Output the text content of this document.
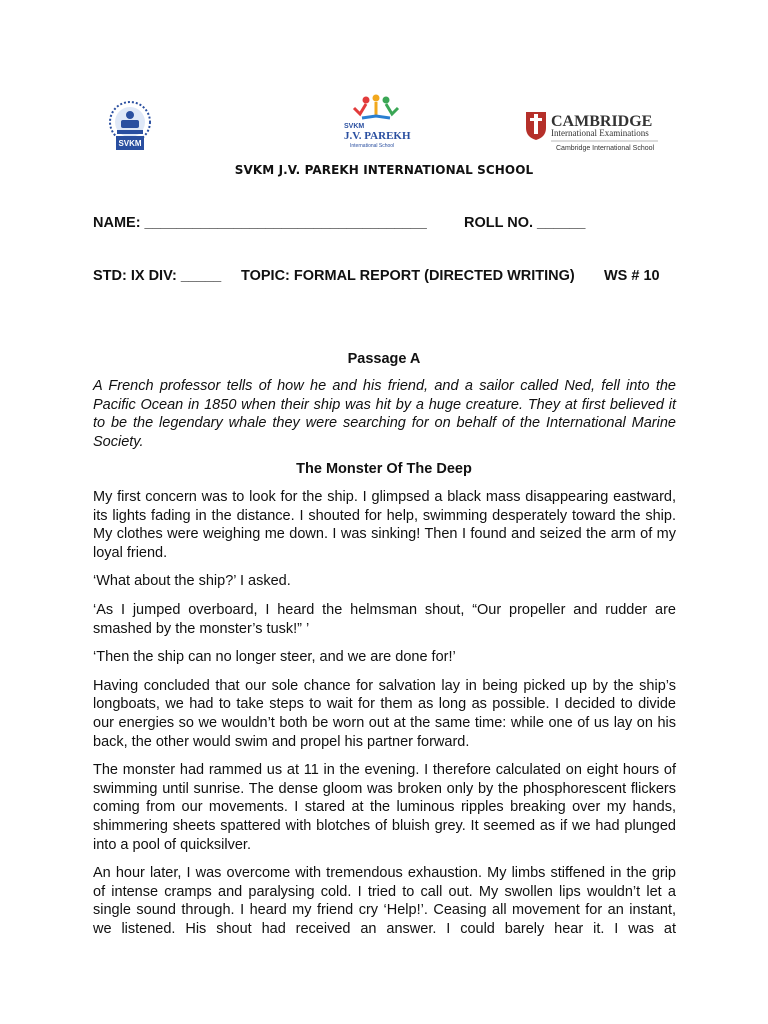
SVKM
SVKM
J.V. PAREKH
International School
CAMBRIDGE
International Examinations
Cambridge International School
SVKM J.V. PAREKH INTERNATIONAL SCHOOL
NAME: ___________________________________	ROLL NO. ______
STD: IX DIV: _____ TOPIC: FORMAL REPORT (DIRECTED WRITING) WS # 10
Passage A
A French professor tells of how he and his friend, and a sailor called Ned, fell into the Pacific Ocean in 1850 when their ship was hit by a huge creature. They at first believed it to be the legendary whale they were searching for on behalf of the International Marine Society.
The Monster Of The Deep

My first concern was to look for the ship. I glimpsed a black mass disappearing eastward, its lights fading in the distance. I shouted for help, swimming desperately toward the ship. My clothes were weighing me down. I was sinking! Then I found and seized the arm of my loyal friend.

‘What about the ship?’ I asked.

‘As I jumped overboard, I heard the helmsman shout, “Our propeller and rudder are smashed by the monster’s tusk!” ’

‘Then the ship can no longer steer, and we are done for!’

Having concluded that our sole chance for salvation lay in being picked up by the ship’s longboats, we had to take steps to wait for them as long as possible. I decided to divide our energies so we wouldn’t both be worn out at the same time: while one of us lay on his back, the other would swim and propel his partner forward.

The monster had rammed us at 11 in the evening. I therefore calculated on eight hours of swimming until sunrise. The dense gloom was broken only by the phosphorescent flickers coming from our movements. I stared at the luminous ripples breaking over my hands, shimmering sheets spattered with blotches of bluish grey. It seemed as if we had plunged into a pool of quicksilver.

An hour later, I was overcome with tremendous exhaustion. My limbs stiffened in the grip of intense cramps and paralysing cold. I tried to call out. My swollen lips wouldn’t let a single sound through. I heard my friend cry ‘Help!’. Ceasing all movement for an instant, we listened. His shout had received an answer. I could barely hear it. I was at
